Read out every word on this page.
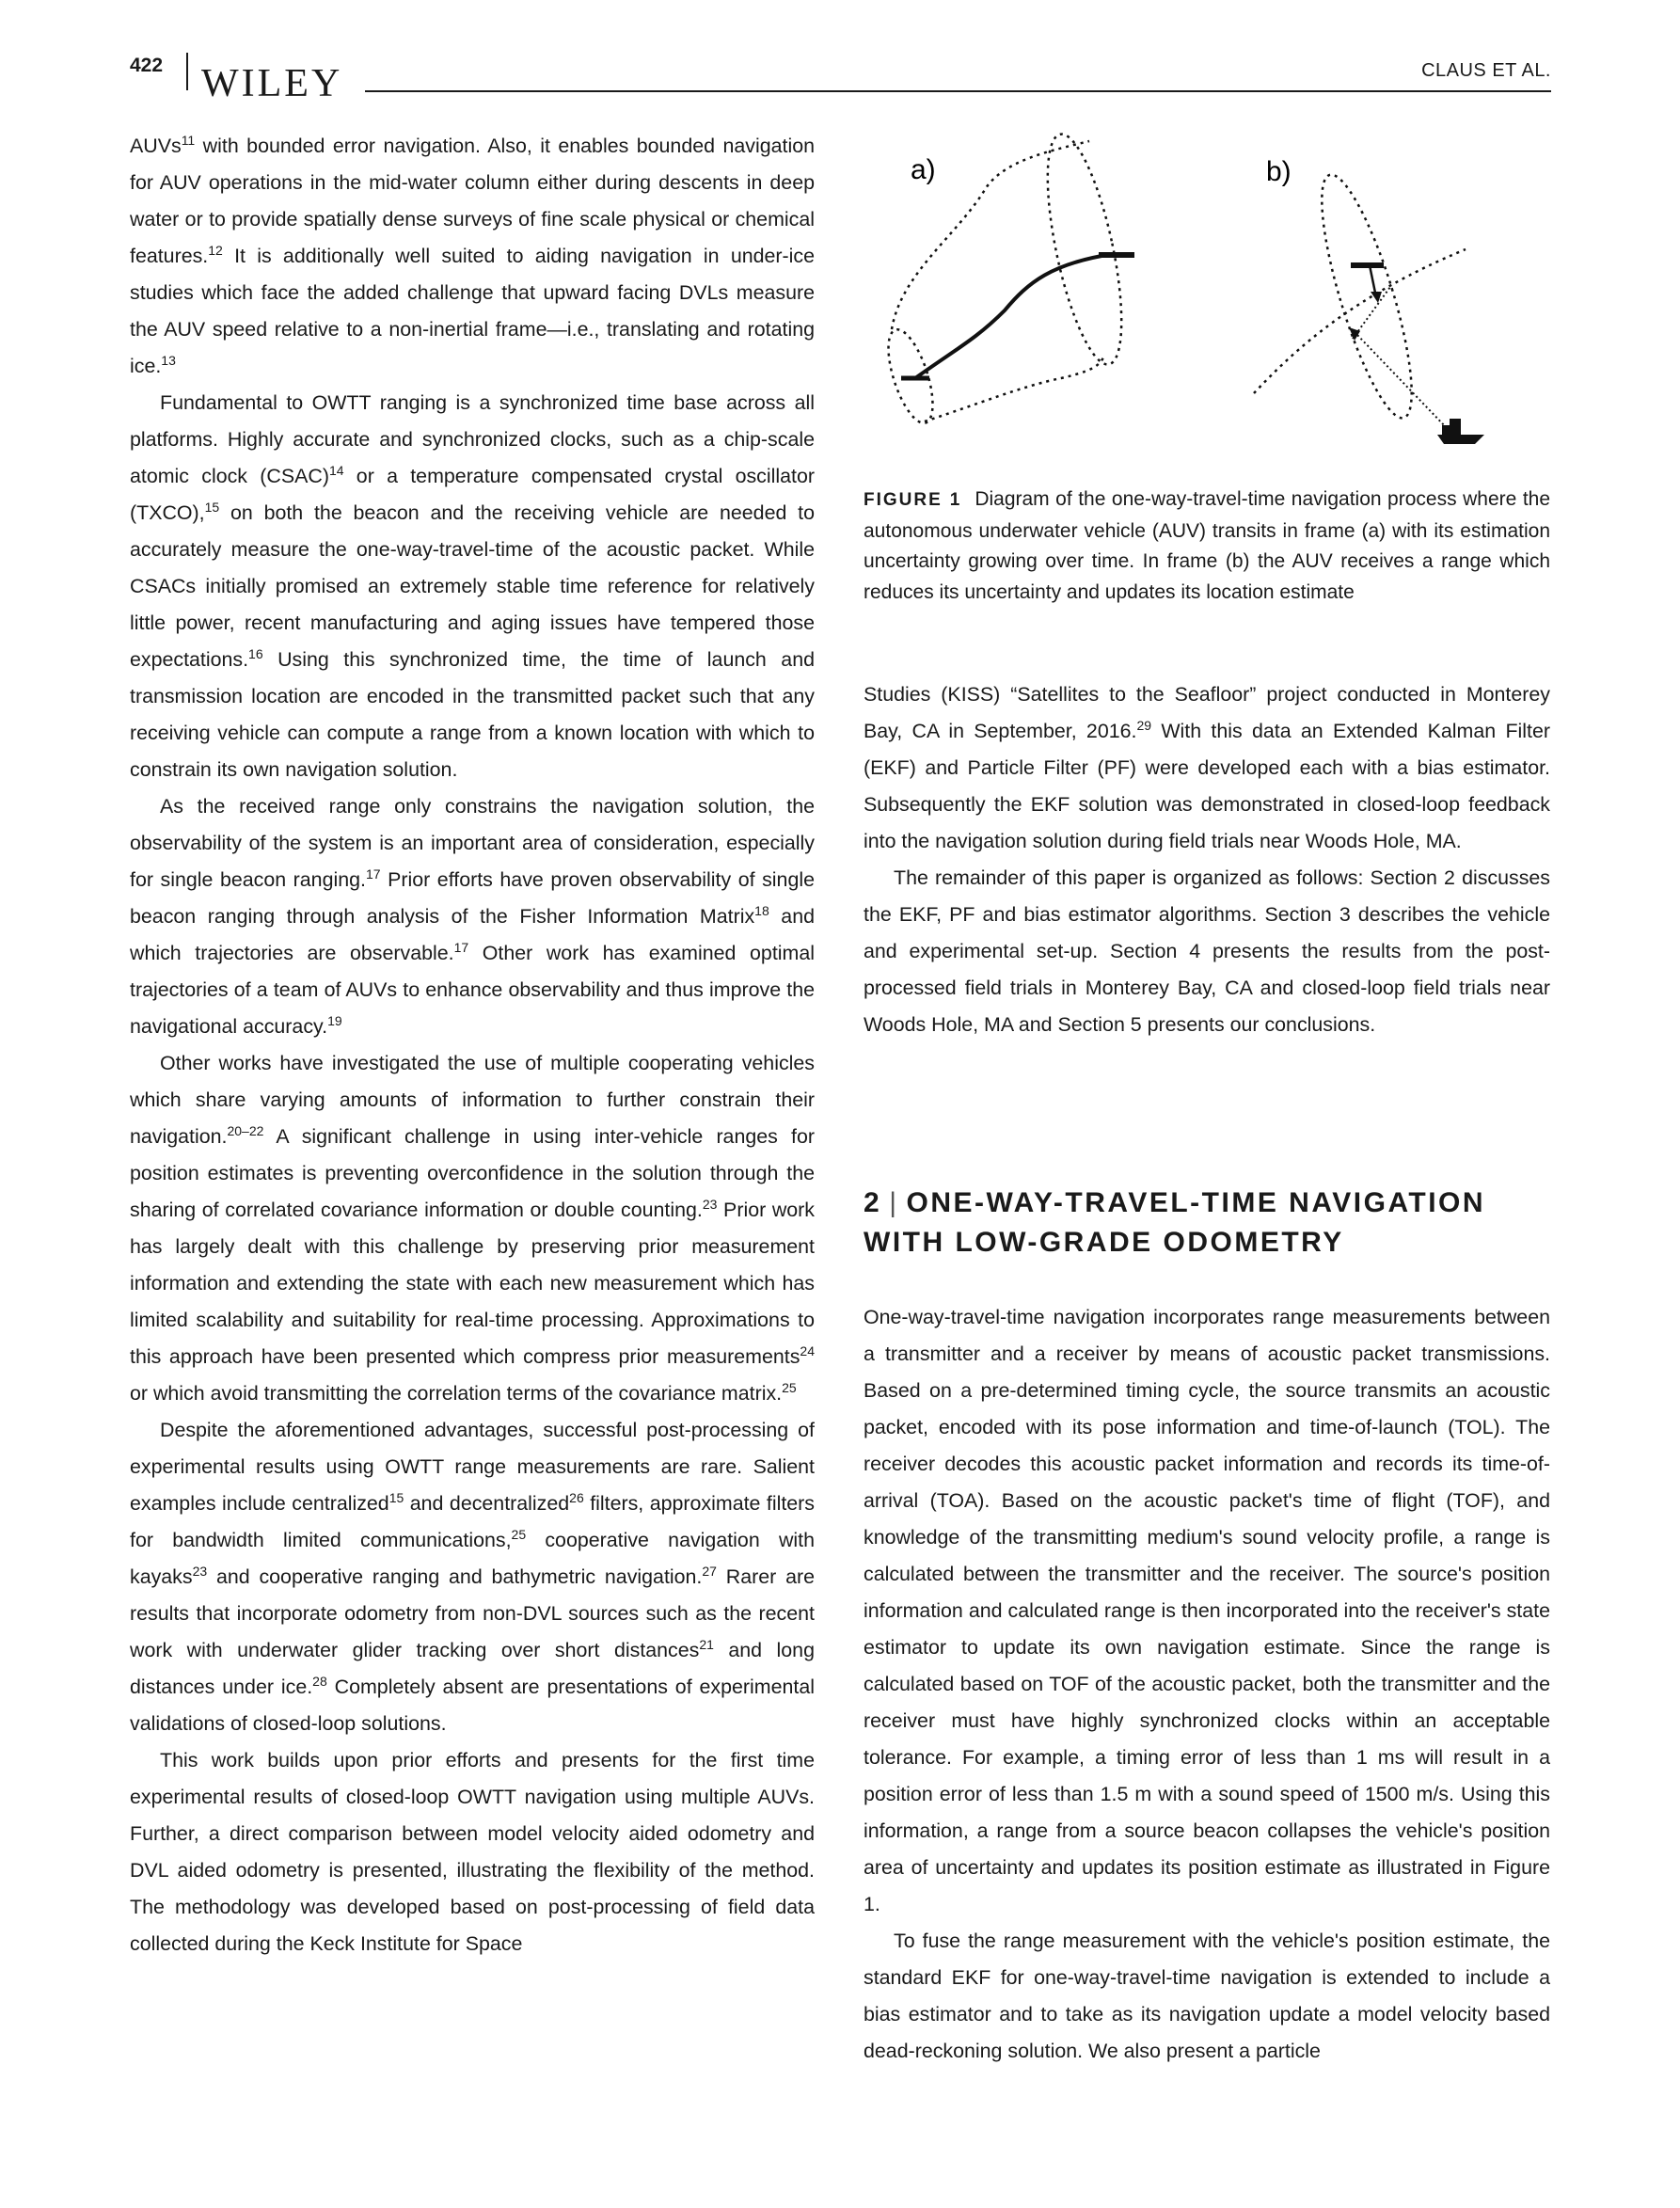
422 WILEY	CLAUS ET AL.

AUVs$^{11}$ with bounded error navigation. Also, it enables bounded navigation for AUV operations in the mid-water column either during descents in deep water or to provide spatially dense surveys of fine scale physical or chemical features.$^{12}$ It is additionally well suited to aiding navigation in under-ice studies which face the added challenge that upward facing DVLs measure the AUV speed relative to a non-inertial frame—i.e., translating and rotating ice.$^{13}$

Fundamental to OWTT ranging is a synchronized time base across all platforms. Highly accurate and synchronized clocks, such as a chip-scale atomic clock (CSAC)$^{14}$ or a temperature compensated crystal oscillator (TXCO),$^{15}$ on both the beacon and the receiving vehicle are needed to accurately measure the one-way-travel-time of the acoustic packet. While CSACs initially promised an extremely stable time reference for relatively little power, recent manufacturing and aging issues have tempered those expectations.$^{16}$ Using this synchronized time, the time of launch and transmission location are encoded in the transmitted packet such that any receiving vehicle can compute a range from a known location with which to constrain its own navigation solution.

As the received range only constrains the navigation solution, the observability of the system is an important area of consideration, especially for single beacon ranging.$^{17}$ Prior efforts have proven observability of single beacon ranging through analysis of the Fisher Information Matrix$^{18}$ and which trajectories are observable.$^{17}$ Other work has examined optimal trajectories of a team of AUVs to enhance observability and thus improve the navigational accuracy.$^{19}$

Other works have investigated the use of multiple cooperating vehicles which share varying amounts of information to further constrain their navigation.$^{20-22}$ A significant challenge in using inter-vehicle ranges for position estimates is preventing overconfidence in the solution through the sharing of correlated covariance information or double counting.$^{23}$ Prior work has largely dealt with this challenge by preserving prior measurement information and extending the state with each new measurement which has limited scalability and suitability for real-time processing. Approximations to this approach have been presented which compress prior measurements$^{24}$ or which avoid transmitting the correlation terms of the covariance matrix.$^{25}$

Despite the aforementioned advantages, successful post-processing of experimental results using OWTT range measurements are rare. Salient examples include centralized$^{15}$ and decentralized$^{26}$ filters, approximate filters for bandwidth limited communications,$^{25}$ cooperative navigation with kayaks$^{23}$ and cooperative ranging and bathymetric navigation.$^{27}$ Rarer are results that incorporate odometry from non-DVL sources such as the recent work with underwater glider tracking over short distances$^{21}$ and long distances under ice.$^{28}$ Completely absent are presentations of experimental validations of closed-loop solutions.

This work builds upon prior efforts and presents for the first time experimental results of closed-loop OWTT navigation using multiple AUVs. Further, a direct comparison between model velocity aided odometry and DVL aided odometry is presented, illustrating the flexibility of the method. The methodology was developed based on post-processing of field data collected during the Keck Institute for Space

a)	b)
FIGURE 1 Diagram of the one-way-travel-time navigation process where the autonomous underwater vehicle (AUV) transits in frame (a) with its estimation uncertainty growing over time. In frame (b) the AUV receives a range which reduces its uncertainty and updates its location estimate

Studies (KISS) “Satellites to the Seafloor” project conducted in Monterey Bay, CA in September, 2016.29 With this data an Extended Kalman Filter (EKF) and Particle Filter (PF) were developed each with a bias estimator. Subsequently the EKF solution was demonstrated in closed-loop feedback into the navigation solution during field trials near Woods Hole, MA.

The remainder of this paper is organized as follows: Section 2 discusses the EKF, PF and bias estimator algorithms. Section 3 describes the vehicle and experimental set-up. Section 4 presents the results from the post-processed field trials in Monterey Bay, CA and closed-loop field trials near Woods Hole, MA and Section 5 presents our conclusions.

2 | ONE-WAY-TRAVEL-TIME NAVIGATION WITH LOW-GRADE ODOMETRY

One-way-travel-time navigation incorporates range measurements between a transmitter and a receiver by means of acoustic packet transmissions. Based on a pre-determined timing cycle, the source transmits an acoustic packet, encoded with its pose information and time-of-launch (TOL). The receiver decodes this acoustic packet information and records its time-of-arrival (TOA). Based on the acoustic packet's time of flight (TOF), and knowledge of the transmitting medium's sound velocity profile, a range is calculated between the transmitter and the receiver. The source's position information and calculated range is then incorporated into the receiver's state estimator to update its own navigation estimate. Since the range is calculated based on TOF of the acoustic packet, both the transmitter and the receiver must have highly synchronized clocks within an acceptable tolerance. For example, a timing error of less than 1 ms will result in a position error of less than 1.5 m with a sound speed of 1500 m/s. Using this information, a range from a source beacon collapses the vehicle's position area of uncertainty and updates its position estimate as illustrated in Figure 1.

To fuse the range measurement with the vehicle's position estimate, the standard EKF for one-way-travel-time navigation is extended to include a bias estimator and to take as its navigation update a model velocity based dead-reckoning solution. We also present a particle
